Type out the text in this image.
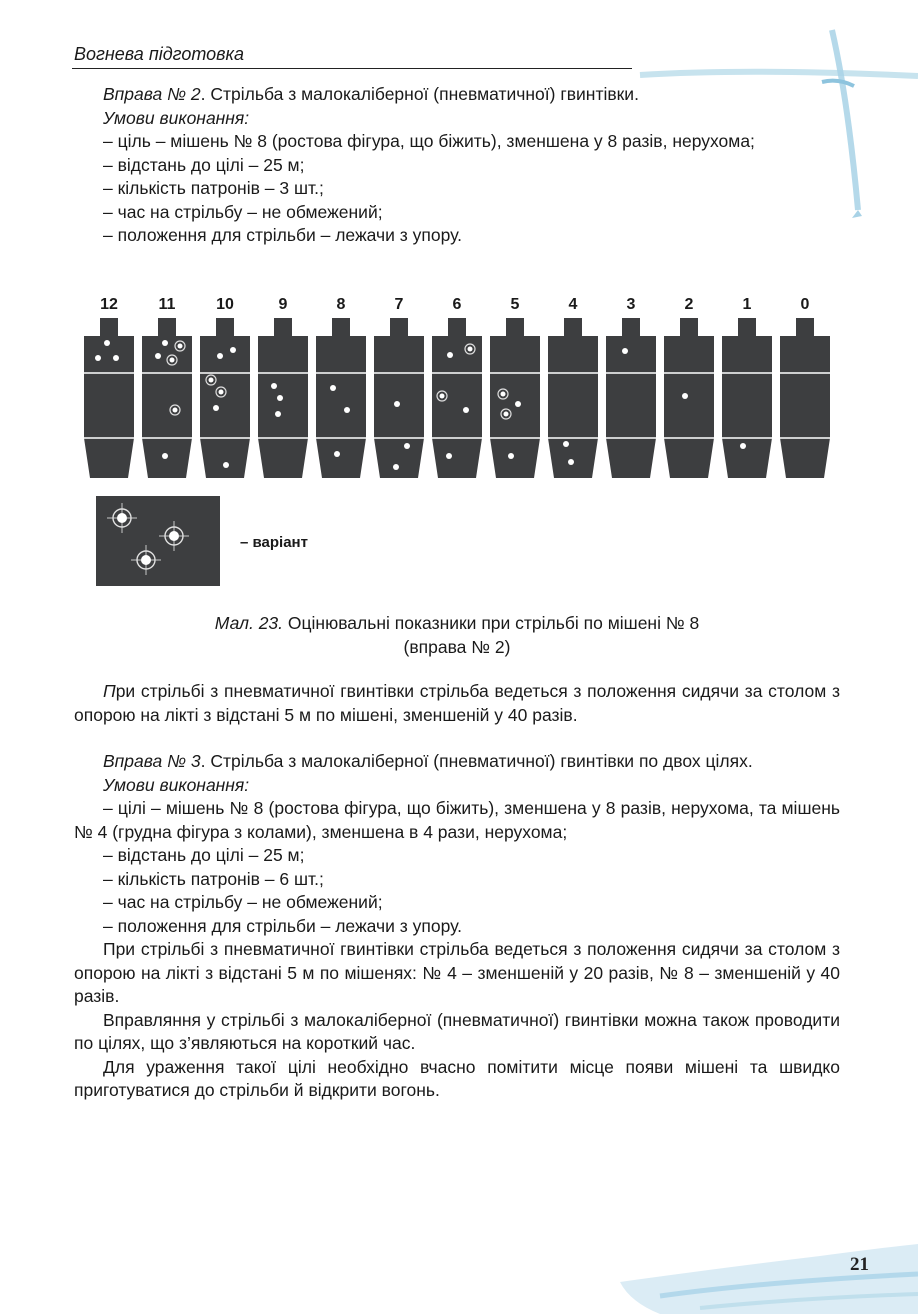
Вогнева підготовка

Вправа № 2. Стрільба з малокаліберної (пневматичної) гвинтівки.

Умови виконання:

– ціль – мішень № 8 (ростова фігура, що біжить), зменшена у 8 разів, нерухома;

– відстань до цілі – 25 м;

– кількість патронів – 3 шт.;

– час на стрільбу – не обмежений;

– положення для стрільби – лежачи з упору.

12	11	10	9	8	7	6	5	4	3	2	1	0
– варіант
Мал. 23. Оцінювальні показники при стрільбі по мішені № 8
(вправа № 2)

При стрільбі з пневматичної гвинтівки стрільба ведеться з положення сидячи за столом з опорою на лікті з відстані 5 м по мішені, зменшеній у 40 разів.

Вправа № 3. Стрільба з малокаліберної (пневматичної) гвинтівки по двох цілях.

Умови виконання:

– цілі – мішень № 8 (ростова фігура, що біжить), зменшена у 8 разів, нерухома, та мішень № 4 (грудна фігура з колами), зменшена в 4 рази, нерухома;

– відстань до цілі – 25 м;

– кількість патронів – 6 шт.;

– час на стрільбу – не обмежений;

– положення для стрільби – лежачи з упору.

При стрільбі з пневматичної гвинтівки стрільба ведеться з положення сидячи за столом з опорою на лікті з відстані 5 м по мішенях: № 4 – зменшеній у 20 разів, № 8 – зменшеній у 40 разів.

Вправляння у стрільбі з малокаліберної (пневматичної) гвинтівки можна також проводити по цілях, що з’являються на короткий час.

Для ураження такої цілі необхідно вчасно помітити місце появи мішені та швидко приготуватися до стрільби й відкрити вогонь.

21
